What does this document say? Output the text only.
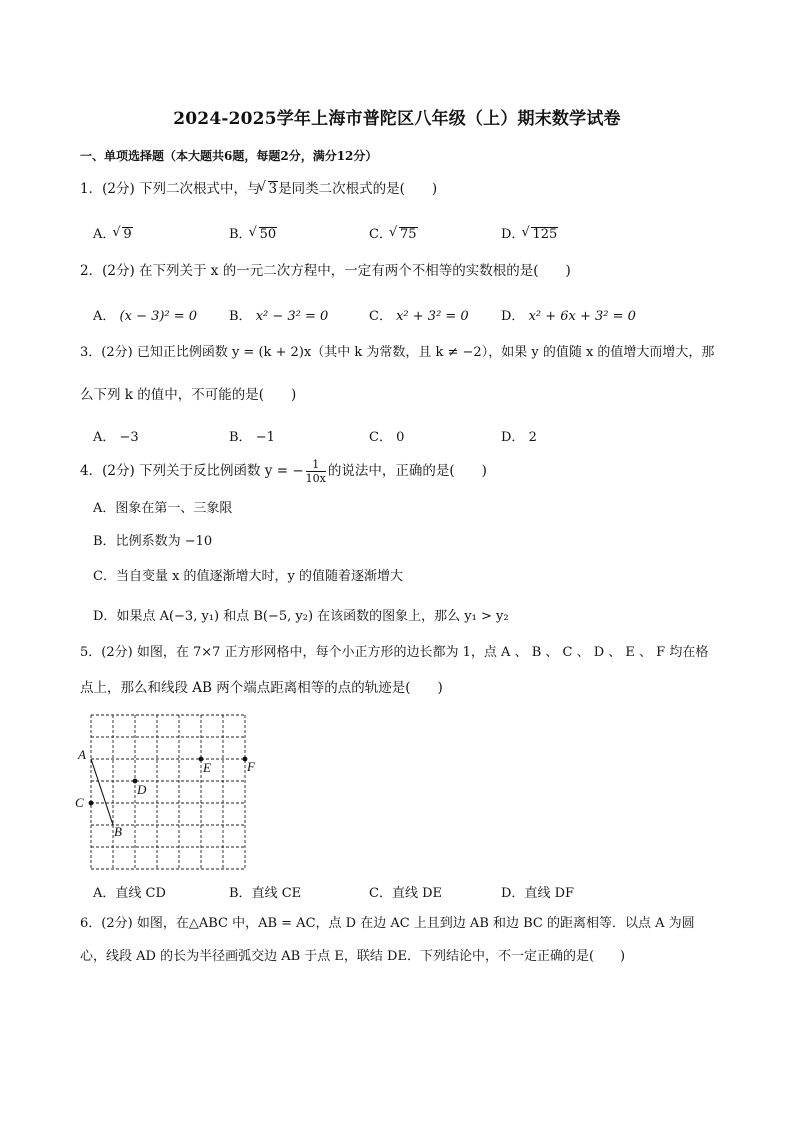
2024-2025学年上海市普陀区八年级（上）期末数学试卷
一、单项选择题（本大题共6题，每题2分，满分12分）
1．(2分) 下列二次根式中，与 √ 3是同类二次根式的是(　　)
A． √ 9	B． √ 50	C． √ 75	D． √ 125
2．(2分) 在下列关于 x 的一元二次方程中，一定有两个不相等的实数根的是(　　)
A． (x − 3)² = 0 B． x² − 3² = 0	C． x² + 3² = 0 D． x² + 6x + 3² = 0
3．(2分) 已知正比例函数 y = (k + 2)x（其中 k 为常数，且 k ≠ −2），如果 y 的值随 x 的值增大而增大，那
么下列 k 的值中，不可能的是(　　)
A． −3	B． −1	C． 0	D． 2
4．(2分) 下列关于反比例函数 y = − $\frac{1}{10x}$ 的说法中，正确的是(　　)
A．图象在第一、三象限
B．比例系数为 −10
C．当自变量 x 的值逐渐增大时，y 的值随着逐渐增大
D．如果点 A(−3, y₁) 和点 B(−5, y₂) 在该函数的图象上，那么 y₁ > y₂
5．(2分) 如图，在 7×7 正方形网格中，每个小正方形的边长都为 1，点 A 、 B 、 C 、 D 、 E 、 F 均在格
点上，那么和线段 AB 两个端点距离相等的点的轨迹是(　　)
A
B
C
D
E	F
A．直线 CD	B．直线 CE	C．直线 DE	D．直线 DF
6．(2分) 如图，在△ABC 中，AB = AC，点 D 在边 AC 上且到边 AB 和边 BC 的距离相等．以点 A 为圆
心，线段 AD 的长为半径画弧交边 AB 于点 E，联结 DE．下列结论中，不一定正确的是(　　)
